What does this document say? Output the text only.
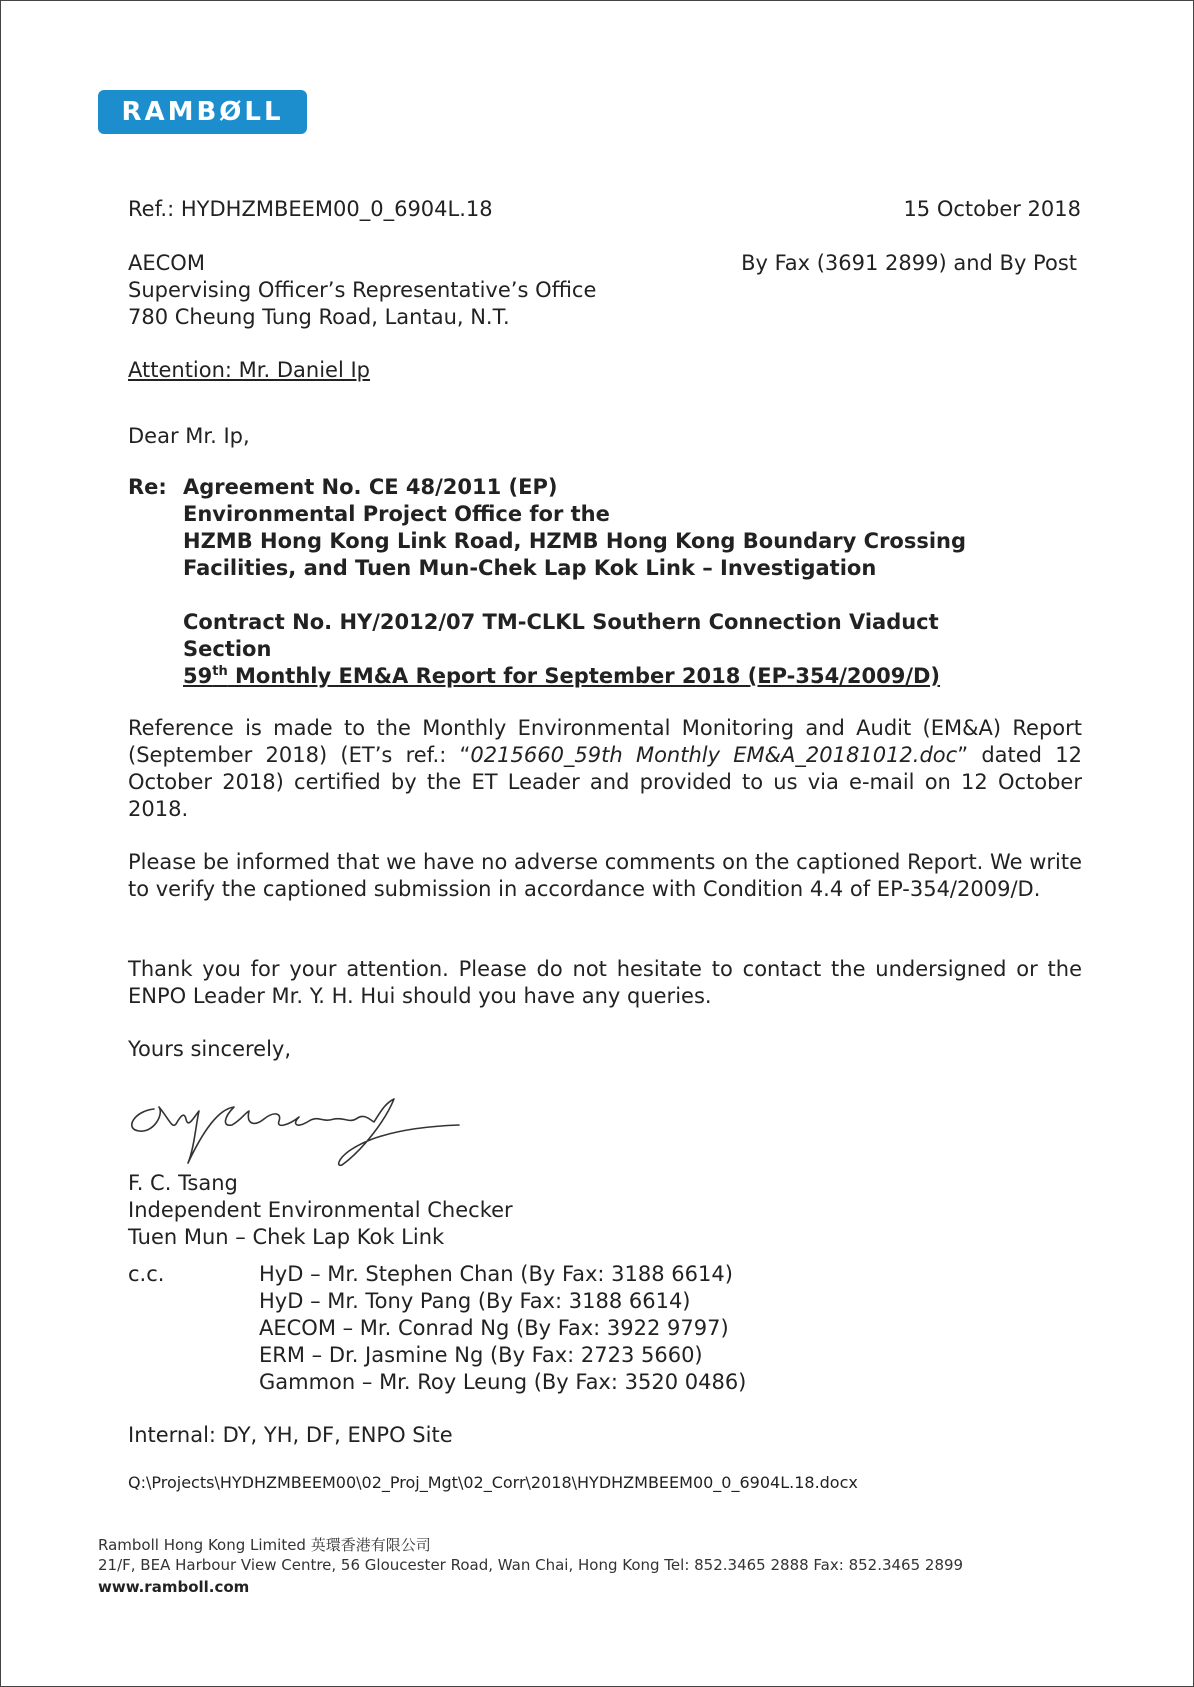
RAMBØLL
Ref.: HYDHZMBEEM00_0_6904L.18	15 October 2018
AECOM
Supervising Officer’s Representative’s Office
780 Cheung Tung Road, Lantau, N.T.
By Fax (3691 2899) and By Post
Attention: Mr. Daniel Ip
Dear Mr. Ip,
Re: Agreement No. CE 48/2011 (EP)
Environmental Project Office for the
HZMB Hong Kong Link Road, HZMB Hong Kong Boundary Crossing
Facilities, and Tuen Mun-Chek Lap Kok Link – Investigation
Contract No. HY/2012/07 TM-CLKL Southern Connection Viaduct
Section
59th Monthly EM&A Report for September 2018 (EP-354/2009/D)
Reference is made to the Monthly Environmental Monitoring and Audit (EM&A) Report (September 2018) (ET’s ref.: “0215660_59th Monthly EM&A_20181012.doc” dated 12 October 2018) certified by the ET Leader and provided to us via e-mail on 12 October 2018.
Please be informed that we have no adverse comments on the captioned Report. We write to verify the captioned submission in accordance with Condition 4.4 of EP-354/2009/D.
Thank you for your attention. Please do not hesitate to contact the undersigned or the ENPO Leader Mr. Y. H. Hui should you have any queries.
Yours sincerely,
F. C. Tsang
Independent Environmental Checker
Tuen Mun – Chek Lap Kok Link
c.c.	HyD – Mr. Stephen Chan (By Fax: 3188 6614)
HyD – Mr. Tony Pang (By Fax: 3188 6614)
AECOM – Mr. Conrad Ng (By Fax: 3922 9797)
ERM – Dr. Jasmine Ng (By Fax: 2723 5660)
Gammon – Mr. Roy Leung (By Fax: 3520 0486)
Internal: DY, YH, DF, ENPO Site
Q:\Projects\HYDHZMBEEM00\02_Proj_Mgt\02_Corr\2018\HYDHZMBEEM00_0_6904L.18.docx
Ramboll Hong Kong Limited 英環香港有限公司
21/F, BEA Harbour View Centre, 56 Gloucester Road, Wan Chai, Hong Kong Tel: 852.3465 2888 Fax: 852.3465 2899
www.ramboll.com
